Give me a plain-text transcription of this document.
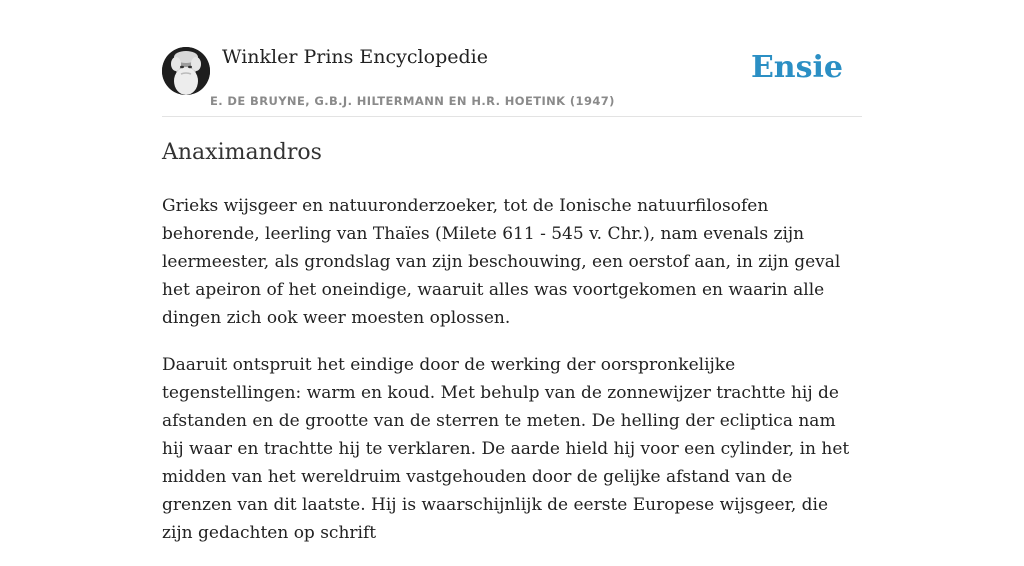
Winkler Prins Encyclopedie
E. DE BRUYNE, G.B.J. HILTERMANN EN H.R. HOETINK (1947)
Ensie
Anaximandros

Grieks wijsgeer en natuuronderzoeker, tot de Ionische natuurfilosofen behorende, leerling van Thaïes (Milete 611 - 545 v. Chr.), nam evenals zijn leermeester, als grondslag van zijn beschouwing, een oerstof aan, in zijn geval het apeiron of het oneindige, waaruit alles was voortgekomen en waarin alle dingen zich ook weer moesten oplossen.

Daaruit ontspruit het eindige door de werking der oorspronkelijke tegenstellingen: warm en koud. Met behulp van de zonnewijzer trachtte hij de afstanden en de grootte van de sterren te meten. De helling der ecliptica nam hij waar en trachtte hij te verklaren. De aarde hield hij voor een cylinder, in het midden van het wereldruim vastgehouden door de gelijke afstand van de grenzen van dit laatste. Hij is waarschijnlijk de eerste Europese wijsgeer, die zijn gedachten op schrift
